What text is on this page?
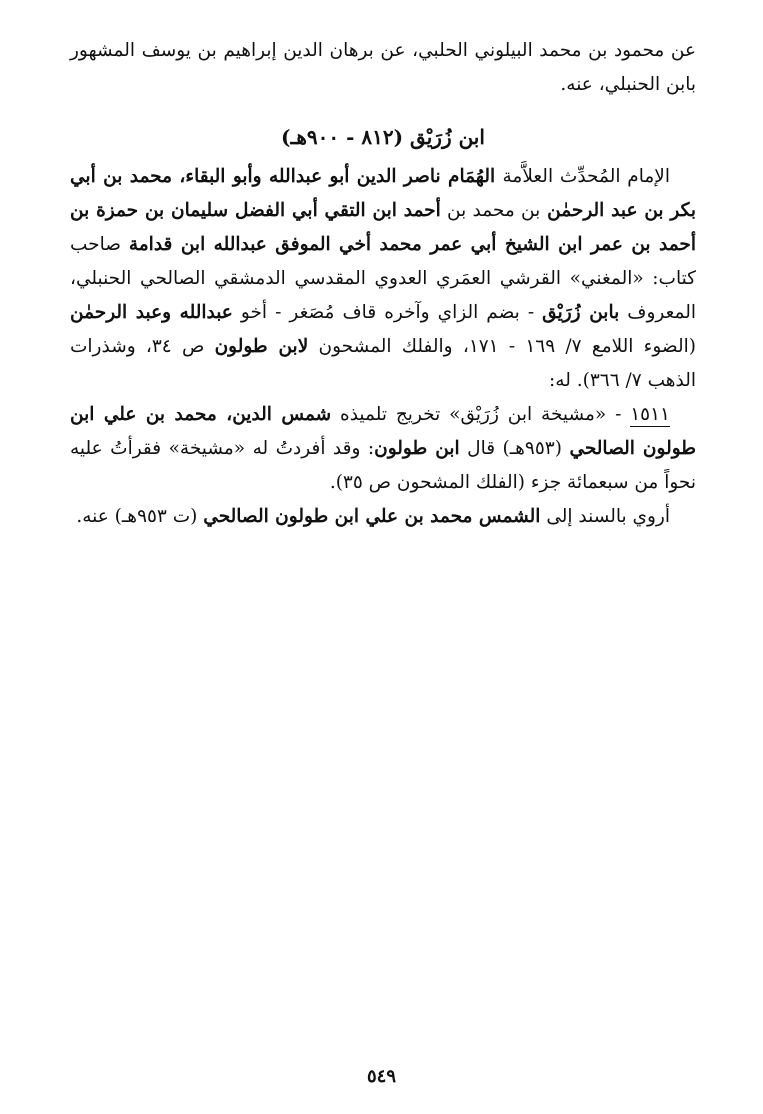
عن محمود بن محمد البيلوني الحلبي، عن برهان الدين إبراهيم بن يوسف المشهور بابن الحنبلي، عنه.

ابن زُرَيْق (٨١٢ - ٩٠٠هـ)

الإمام المُحدِّث العلاَّمة الهُمَام ناصر الدين أبو عبدالله وأبو البقاء، محمد بن أبي بكر بن عبد الرحمٰن بن محمد بن أحمد ابن التقي أبي الفضل سليمان بن حمزة بن أحمد بن عمر ابن الشيخ أبي عمر محمد أخي الموفق عبدالله ابن قدامة صاحب كتاب: «المغني» القرشي العمَري العدوي المقدسي الدمشقي الصالحي الحنبلي، المعروف بابن زُرَيْق - بضم الزاي وآخره قاف مُصَغر - أخو عبدالله وعبد الرحمٰن (الضوء اللامع ٧/ ١٦٩ - ١٧١، والفلك المشحون لابن طولون ص ٣٤، وشذرات الذهب ٧/ ٣٦٦). له:

١٥١١ - «مشيخة ابن زُرَيْق» تخريج تلميذه شمس الدين، محمد بن علي ابن طولون الصالحي (٩٥٣هـ) قال ابن طولون: وقد أفردتُ له «مشيخة» فقرأتُ عليه نحواً من سبعمائة جزء (الفلك المشحون ص ٣٥).

أروي بالسند إلى الشمس محمد بن علي ابن طولون الصالحي (ت ٩٥٣هـ) عنه.

٥٤٩
